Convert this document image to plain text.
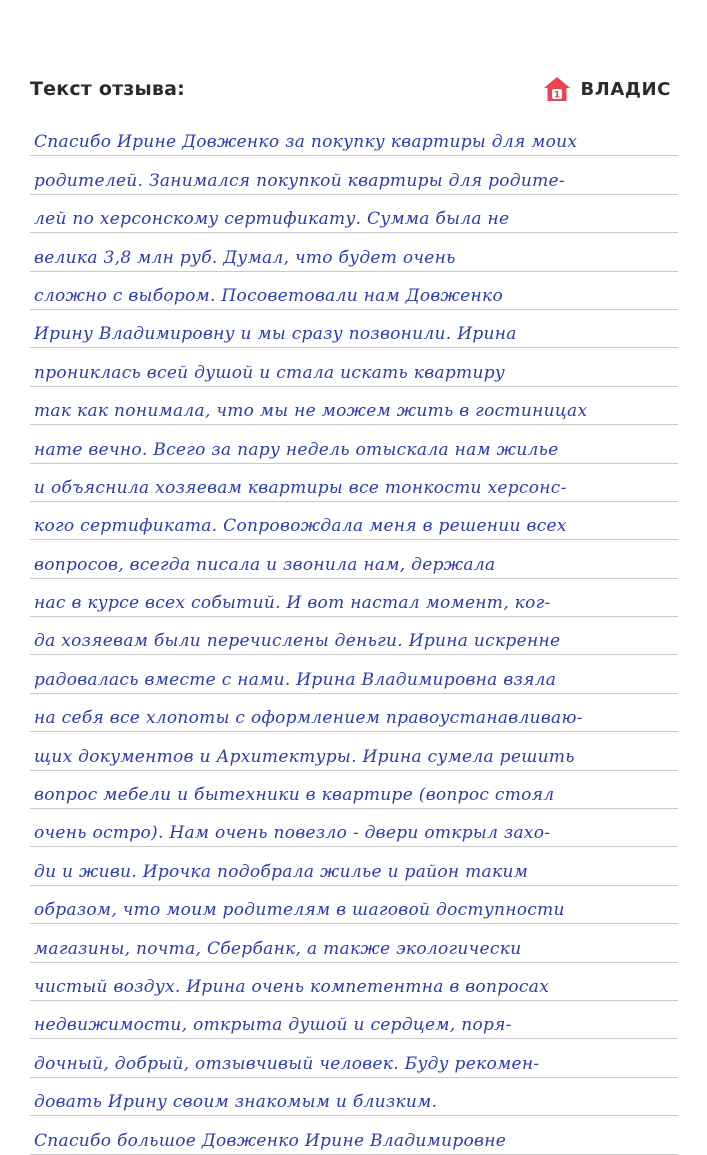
Текст отзыва:	1 ВЛАДИС
Спасибо Ирине Довженко за покупку квартиры для моих
родителей. Занимался покупкой квартиры для родите-
лей по херсонскому сертификату. Сумма была не
велика 3,8 млн руб. Думал, что будет очень
сложно с выбором. Посоветовали нам Довженко
Ирину Владимировну и мы сразу позвонили. Ирина
прониклась всей душой и стала искать квартиру
так как понимала, что мы не можем жить в гостиницах
нате вечно. Всего за пару недель отыскала нам жилье
и объяснила хозяевам квартиры все тонкости херсонс-
кого сертификата. Сопровождала меня в решении всех
вопросов, всегда писала и звонила нам, держала
нас в курсе всех событий. И вот настал момент, ког-
да хозяевам были перечислены деньги. Ирина искренне
радовалась вместе с нами. Ирина Владимировна взяла
на себя все хлопоты с оформлением правоустанавливаю-
щих документов и Архитектуры. Ирина сумела решить
вопрос мебели и бытехники в квартире (вопрос стоял
очень остро). Нам очень повезло - двери открыл захо-
ди и живи. Ирочка подобрала жилье и район таким
образом, что моим родителям в шаговой доступности
магазины, почта, Сбербанк, а также экологически
чистый воздух. Ирина очень компетентна в вопросах
недвижимости, открыта душой и сердцем, поря-
дочный, добрый, отзывчивый человек. Буду рекомен-
довать Ирину своим знакомым и близким.
Спасибо большое Довженко Ирине Владимировне
